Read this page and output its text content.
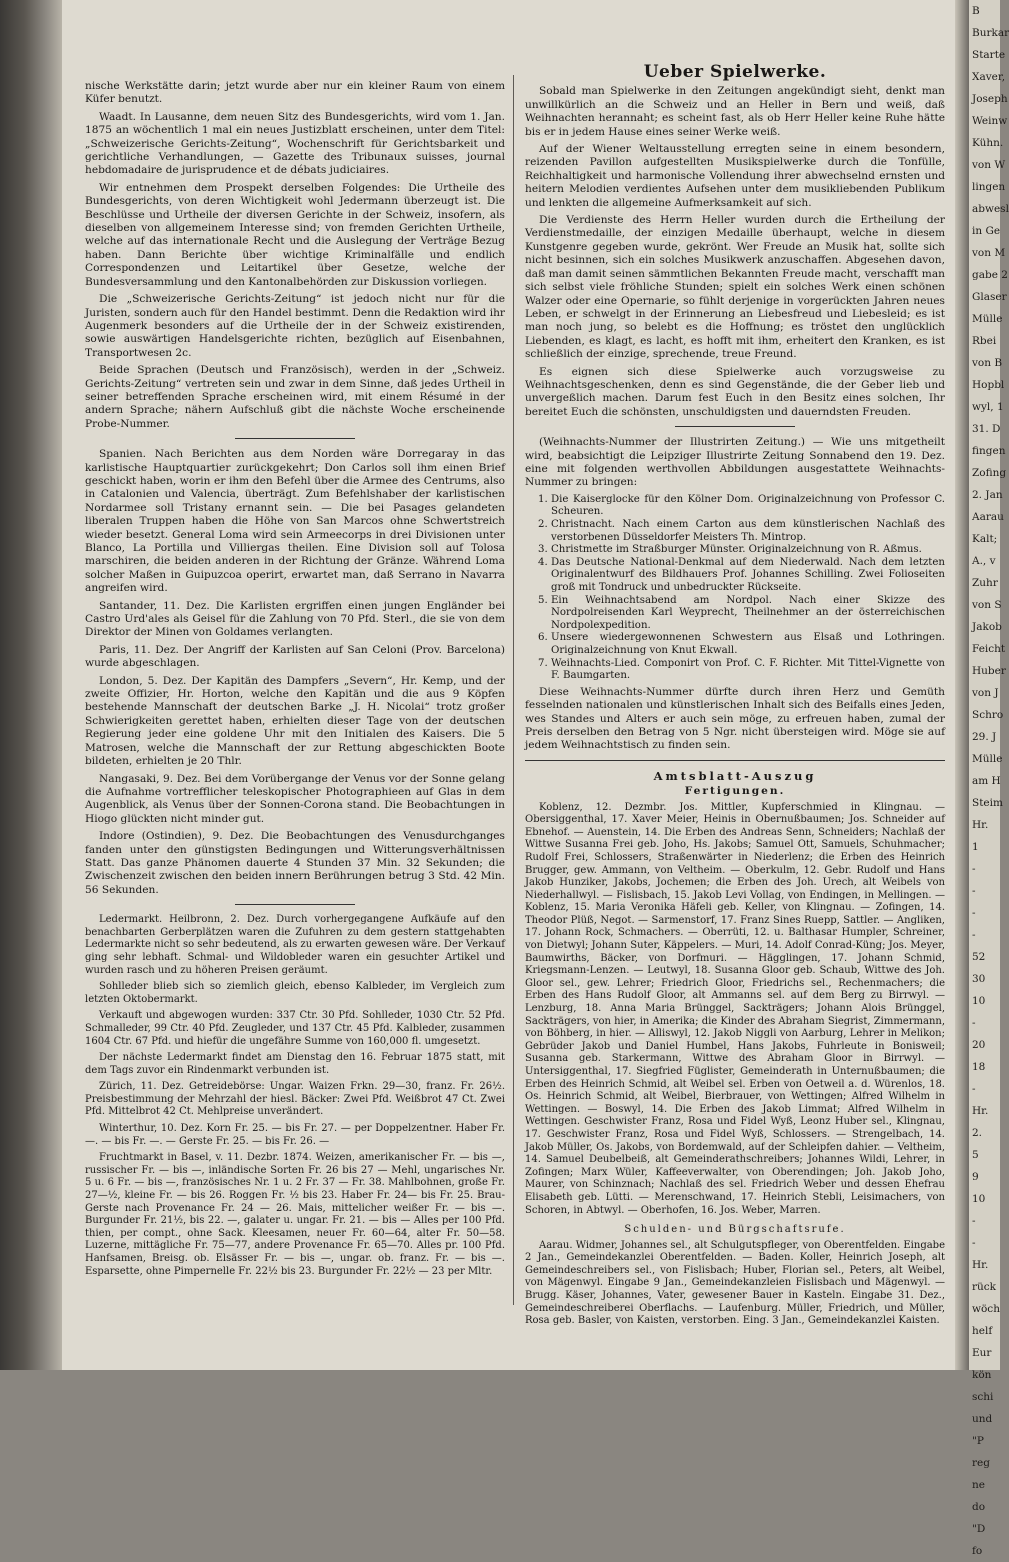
nische Werkstätte darin; jetzt wurde aber nur ein kleiner Raum von einem Küfer benutzt.

Waadt. In Lausanne, dem neuen Sitz des Bundesgerichts, wird vom 1. Jan. 1875 an wöchentlich 1 mal ein neues Justizblatt erscheinen, unter dem Titel: „Schweizerische Gerichts-Zeitung“, Wochenschrift für Gerichtsbarkeit und gerichtliche Verhandlungen, — Gazette des Tribunaux suisses, journal hebdomadaire de jurisprudence et de débats judiciaires.

Wir entnehmen dem Prospekt derselben Folgendes: Die Urtheile des Bundesgerichts, von deren Wichtigkeit wohl Jedermann überzeugt ist. Die Beschlüsse und Urtheile der diversen Gerichte in der Schweiz, insofern, als dieselben von allgemeinem Interesse sind; von fremden Gerichten Urtheile, welche auf das internationale Recht und die Auslegung der Verträge Bezug haben. Dann Berichte über wichtige Kriminalfälle und endlich Correspondenzen und Leitartikel über Gesetze, welche der Bundesversammlung und den Kantonalbehörden zur Diskussion vorliegen.

Die „Schweizerische Gerichts-Zeitung“ ist jedoch nicht nur für die Juristen, sondern auch für den Handel bestimmt. Denn die Redaktion wird ihr Augenmerk besonders auf die Urtheile der in der Schweiz existirenden, sowie auswärtigen Handelsgerichte richten, bezüglich auf Eisenbahnen, Transportwesen 2c.

Beide Sprachen (Deutsch und Französisch), werden in der „Schweiz. Gerichts-Zeitung“ vertreten sein und zwar in dem Sinne, daß jedes Urtheil in seiner betreffenden Sprache erscheinen wird, mit einem Résumé in der andern Sprache; nähern Aufschluß gibt die nächste Woche erscheinende Probe-Nummer.

Spanien. Nach Berichten aus dem Norden wäre Dorregaray in das karlistische Hauptquartier zurückgekehrt; Don Carlos soll ihm einen Brief geschickt haben, worin er ihm den Befehl über die Armee des Centrums, also in Catalonien und Valencia, überträgt. Zum Befehlshaber der karlistischen Nordarmee soll Tristany ernannt sein. — Die bei Pasages gelandeten liberalen Truppen haben die Höhe von San Marcos ohne Schwertstreich wieder besetzt. General Loma wird sein Armeecorps in drei Divisionen unter Blanco, La Portilla und Villiergas theilen. Eine Division soll auf Tolosa marschiren, die beiden anderen in der Richtung der Gränze. Während Loma solcher Maßen in Guipuzcoa operirt, erwartet man, daß Serrano in Navarra angreifen wird.

Santander, 11. Dez. Die Karlisten ergriffen einen jungen Engländer bei Castro Urd'ales als Geisel für die Zahlung von 70 Pfd. Sterl., die sie von dem Direktor der Minen von Goldames verlangten.

Paris, 11. Dez. Der Angriff der Karlisten auf San Celoni (Prov. Barcelona) wurde abgeschlagen.

London, 5. Dez. Der Kapitän des Dampfers „Severn“, Hr. Kemp, und der zweite Offizier, Hr. Horton, welche den Kapitän und die aus 9 Köpfen bestehende Mannschaft der deutschen Barke „J. H. Nicolai“ trotz großer Schwierigkeiten gerettet haben, erhielten dieser Tage von der deutschen Regierung jeder eine goldene Uhr mit den Initialen des Kaisers. Die 5 Matrosen, welche die Mannschaft der zur Rettung abgeschickten Boote bildeten, erhielten je 20 Thlr.

Nangasaki, 9. Dez. Bei dem Vorübergange der Venus vor der Sonne gelang die Aufnahme vortrefflicher teleskopischer Photographieen auf Glas in dem Augenblick, als Venus über der Sonnen-Corona stand. Die Beobachtungen in Hiogo glückten nicht minder gut.

Indore (Ostindien), 9. Dez. Die Beobachtungen des Venusdurchganges fanden unter den günstigsten Bedingungen und Witterungsverhältnissen Statt. Das ganze Phänomen dauerte 4 Stunden 37 Min. 32 Sekunden; die Zwischenzeit zwischen den beiden innern Berührungen betrug 3 Std. 42 Min. 56 Sekunden.

Ledermarkt. Heilbronn, 2. Dez. Durch vorhergegangene Aufkäufe auf den benachbarten Gerberplätzen waren die Zufuhren zu dem gestern stattgehabten Ledermarkte nicht so sehr bedeutend, als zu erwarten gewesen wäre. Der Verkauf ging sehr lebhaft. Schmal- und Wildobleder waren ein gesuchter Artikel und wurden rasch und zu höheren Preisen geräumt.

Sohlleder blieb sich so ziemlich gleich, ebenso Kalbleder, im Vergleich zum letzten Oktobermarkt.

Verkauft und abgewogen wurden: 337 Ctr. 30 Pfd. Sohlleder, 1030 Ctr. 52 Pfd. Schmalleder, 99 Ctr. 40 Pfd. Zeugleder, und 137 Ctr. 45 Pfd. Kalbleder, zusammen 1604 Ctr. 67 Pfd. und hiefür die ungefähre Summe von 160,000 fl. umgesetzt.

Der nächste Ledermarkt findet am Dienstag den 16. Februar 1875 statt, mit dem Tags zuvor ein Rindenmarkt verbunden ist.

Zürich, 11. Dez. Getreidebörse: Ungar. Waizen Frkn. 29—30, franz. Fr. 26½. Preisbestimmung der Mehrzahl der hiesl. Bäcker: Zwei Pfd. Weißbrot 47 Ct. Zwei Pfd. Mittelbrot 42 Ct. Mehlpreise unverändert.

Winterthur, 10. Dez. Korn Fr. 25. — bis Fr. 27. — per Doppelzentner. Haber Fr. —. — bis Fr. —. — Gerste Fr. 25. — bis Fr. 26. —

Fruchtmarkt in Basel, v. 11. Dezbr. 1874. Weizen, amerikanischer Fr. — bis —, russischer Fr. — bis —, inländische Sorten Fr. 26 bis 27 — Mehl, ungarisches Nr. 5 u. 6 Fr. — bis —, französisches Nr. 1 u. 2 Fr. 37 — Fr. 38. Mahlbohnen, große Fr. 27—½, kleine Fr. — bis 26. Roggen Fr. ½ bis 23. Haber Fr. 24— bis Fr. 25. Brau-Gerste nach Provenance Fr. 24 — 26. Mais, mittelicher weißer Fr. — bis —. Burgunder Fr. 21½, bis 22. —, galater u. ungar. Fr. 21. — bis — Alles per 100 Pfd. thien, per compt., ohne Sack. Kleesamen, neuer Fr. 60—64, alter Fr. 50—58. Luzerne, mittägliche Fr. 75—77, andere Provenance Fr. 65—70. Alles pr. 100 Pfd. Hanfsamen, Breisg. ob. Elsässer Fr. — bis —, ungar. ob. franz. Fr. — bis —. Esparsette, ohne Pimpernelle Fr. 22½ bis 23. Burgunder Fr. 22½ — 23 per Mltr.

Ueber Spielwerke.

Sobald man Spielwerke in den Zeitungen angekündigt sieht, denkt man unwillkürlich an die Schweiz und an Heller in Bern und weiß, daß Weihnachten herannaht; es scheint fast, als ob Herr Heller keine Ruhe hätte bis er in jedem Hause eines seiner Werke weiß.

Auf der Wiener Weltausstellung erregten seine in einem besondern, reizenden Pavillon aufgestellten Musikspielwerke durch die Tonfülle, Reichhaltigkeit und harmonische Vollendung ihrer abwechselnd ernsten und heitern Melodien verdientes Aufsehen unter dem musikliebenden Publikum und lenkten die allgemeine Aufmerksamkeit auf sich.

Die Verdienste des Herrn Heller wurden durch die Ertheilung der Verdienstmedaille, der einzigen Medaille überhaupt, welche in diesem Kunstgenre gegeben wurde, gekrönt. Wer Freude an Musik hat, sollte sich nicht besinnen, sich ein solches Musikwerk anzuschaffen. Abgesehen davon, daß man damit seinen sämmtlichen Bekannten Freude macht, verschafft man sich selbst viele fröhliche Stunden; spielt ein solches Werk einen schönen Walzer oder eine Opernarie, so fühlt derjenige in vorgerückten Jahren neues Leben, er schwelgt in der Erinnerung an Liebesfreud und Liebesleid; es ist man noch jung, so belebt es die Hoffnung; es tröstet den unglücklich Liebenden, es klagt, es lacht, es hofft mit ihm, erheitert den Kranken, es ist schließlich der einzige, sprechende, treue Freund.

Es eignen sich diese Spielwerke auch vorzugsweise zu Weihnachtsgeschenken, denn es sind Gegenstände, die der Geber lieb und unvergeßlich machen. Darum fest Euch in den Besitz eines solchen, Ihr bereitet Euch die schönsten, unschuldigsten und dauerndsten Freuden.

(Weihnachts-Nummer der Illustrirten Zeitung.) — Wie uns mitgetheilt wird, beabsichtigt die Leipziger Illustrirte Zeitung Sonnabend den 19. Dez. eine mit folgenden werthvollen Abbildungen ausgestattete Weihnachts-Nummer zu bringen:

1. Die Kaiserglocke für den Kölner Dom. Originalzeichnung von Professor C. Scheuren.
2. Christnacht. Nach einem Carton aus dem künstlerischen Nachlaß des verstorbenen Düsseldorfer Meisters Th. Mintrop.
3. Christmette im Straßburger Münster. Originalzeichnung von R. Aßmus.
4. Das Deutsche National-Denkmal auf dem Niederwald. Nach dem letzten Originalentwurf des Bildhauers Prof. Johannes Schilling. Zwei Folioseiten groß mit Tondruck und unbedruckter Rückseite.
5. Ein Weihnachtsabend am Nordpol. Nach einer Skizze des Nordpolreisenden Karl Weyprecht, Theilnehmer an der österreichischen Nordpolexpedition.
6. Unsere wiedergewonnenen Schwestern aus Elsaß und Lothringen. Originalzeichnung von Knut Ekwall.
7. Weihnachts-Lied. Componirt von Prof. C. F. Richter. Mit Tittel-Vignette von F. Baumgarten.

Diese Weihnachts-Nummer dürfte durch ihren Herz und Gemüth fesselnden nationalen und künstlerischen Inhalt sich des Beifalls eines Jeden, wes Standes und Alters er auch sein möge, zu erfreuen haben, zumal der Preis derselben den Betrag von 5 Ngr. nicht übersteigen wird. Möge sie auf jedem Weihnachtstisch zu finden sein.

Amtsblatt-Auszug
Fertigungen.

Koblenz, 12. Dezmbr. Jos. Mittler, Kupferschmied in Klingnau. — Obersiggenthal, 17. Xaver Meier, Heinis in Obernußbaumen; Jos. Schneider auf Ebnehof. — Auenstein, 14. Die Erben des Andreas Senn, Schneiders; Nachlaß der Wittwe Susanna Frei geb. Joho, Hs. Jakobs; Samuel Ott, Samuels, Schuhmacher; Rudolf Frei, Schlossers, Straßenwärter in Niederlenz; die Erben des Heinrich Brugger, gew. Ammann, von Veltheim. — Oberkulm, 12. Gebr. Rudolf und Hans Jakob Hunziker, Jakobs, Jochemen; die Erben des Joh. Urech, alt Weibels von Niederhallwyl. — Fislisbach, 15. Jakob Levi Vollag, von Endingen, in Mellingen. — Koblenz, 15. Maria Veronika Häfeli geb. Keller, von Klingnau. — Zofingen, 14. Theodor Plüß, Negot. — Sarmenstorf, 17. Franz Sines Ruepp, Sattler. — Angliken, 17. Johann Rock, Schmachers. — Oberrüti, 12. u. Balthasar Humpler, Schreiner, von Dietwyl; Johann Suter, Käppelers. — Muri, 14. Adolf Conrad-Küng; Jos. Meyer, Baumwirths, Bäcker, von Dorfmuri. — Hägglingen, 17. Johann Schmid, Kriegsmann-Lenzen. — Leutwyl, 18. Susanna Gloor geb. Schaub, Wittwe des Joh. Gloor sel., gew. Lehrer; Friedrich Gloor, Friedrichs sel., Rechenmachers; die Erben des Hans Rudolf Gloor, alt Ammanns sel. auf dem Berg zu Birrwyl. — Lenzburg, 18. Anna Maria Brünggel, Sackträgers; Johann Alois Brünggel, Sackträgers, von hier, in Amerika; die Kinder des Abraham Siegrist, Zimmermann, von Böhberg, in hier. — Alliswyl, 12. Jakob Niggli von Aarburg, Lehrer in Melikon; Gebrüder Jakob und Daniel Humbel, Hans Jakobs, Fuhrleute in Bonisweil; Susanna geb. Starkermann, Wittwe des Abraham Gloor in Birrwyl. — Untersiggenthal, 17. Siegfried Füglister, Gemeinderath in Unternußbaumen; die Erben des Heinrich Schmid, alt Weibel sel. Erben von Oetweil a. d. Würenlos, 18. Os. Heinrich Schmid, alt Weibel, Bierbrauer, von Wettingen; Alfred Wilhelm in Wettingen. — Boswyl, 14. Die Erben des Jakob Limmat; Alfred Wilhelm in Wettingen. Geschwister Franz, Rosa und Fidel Wyß, Leonz Huber sel., Klingnau, 17. Geschwister Franz, Rosa und Fidel Wyß, Schlossers. — Strengelbach, 14. Jakob Müller, Os. Jakobs, von Bordemwald, auf der Schleipfen dahier. — Veltheim, 14. Samuel Deubelbeiß, alt Gemeinderathschreibers; Johannes Wildi, Lehrer, in Zofingen; Marx Wüler, Kaffeeverwalter, von Oberendingen; Joh. Jakob Joho, Maurer, von Schinznach; Nachlaß des sel. Friedrich Weber und dessen Ehefrau Elisabeth geb. Lütti. — Merenschwand, 17. Heinrich Stebli, Leisimachers, von Schoren, in Abtwyl. — Oberhofen, 16. Jos. Weber, Marren.

Schulden- und Bürgschaftsrufe.

Aarau. Widmer, Johannes sel., alt Schulgutspfleger, von Oberentfelden. Eingabe 2 Jan., Gemeindekanzlei Oberentfelden. — Baden. Koller, Heinrich Joseph, alt Gemeindeschreibers sel., von Fislisbach; Huber, Florian sel., Peters, alt Weibel, von Mägenwyl. Eingabe 9 Jan., Gemeindekanzleien Fislisbach und Mägenwyl. — Brugg. Käser, Johannes, Vater, gewesener Bauer in Kasteln. Eingabe 31. Dez., Gemeindeschreiberei Oberflachs. — Laufenburg. Müller, Friedrich, und Müller, Rosa geb. Basler, von Kaisten, verstorben. Eing. 3 Jan., Gemeindekanzlei Kaisten.

B
Burkar
Starte
Xaver,
Joseph
Weinw
Kühn.
von W
lingen
abwesl
in Ge
von M
gabe 2
Glaser
Mülle
Rbei
von B
Hopbl
wyl, 1
31. D
fingen
Zofing
2. Jan
Aarau
Kalt;
A., v
Zuhr
von S
Jakob
Feicht
Huber
von J
Schro
29. J
Mülle
am H
Steim
Hr.
1
-
-
-
-
52
30
10
-
20
18
-
Hr.
2.
5
9
10
-
-
Hr.
rück
wöch
helf
Eur
kön
schi
und
"P
reg
ne
do
"D
fo
